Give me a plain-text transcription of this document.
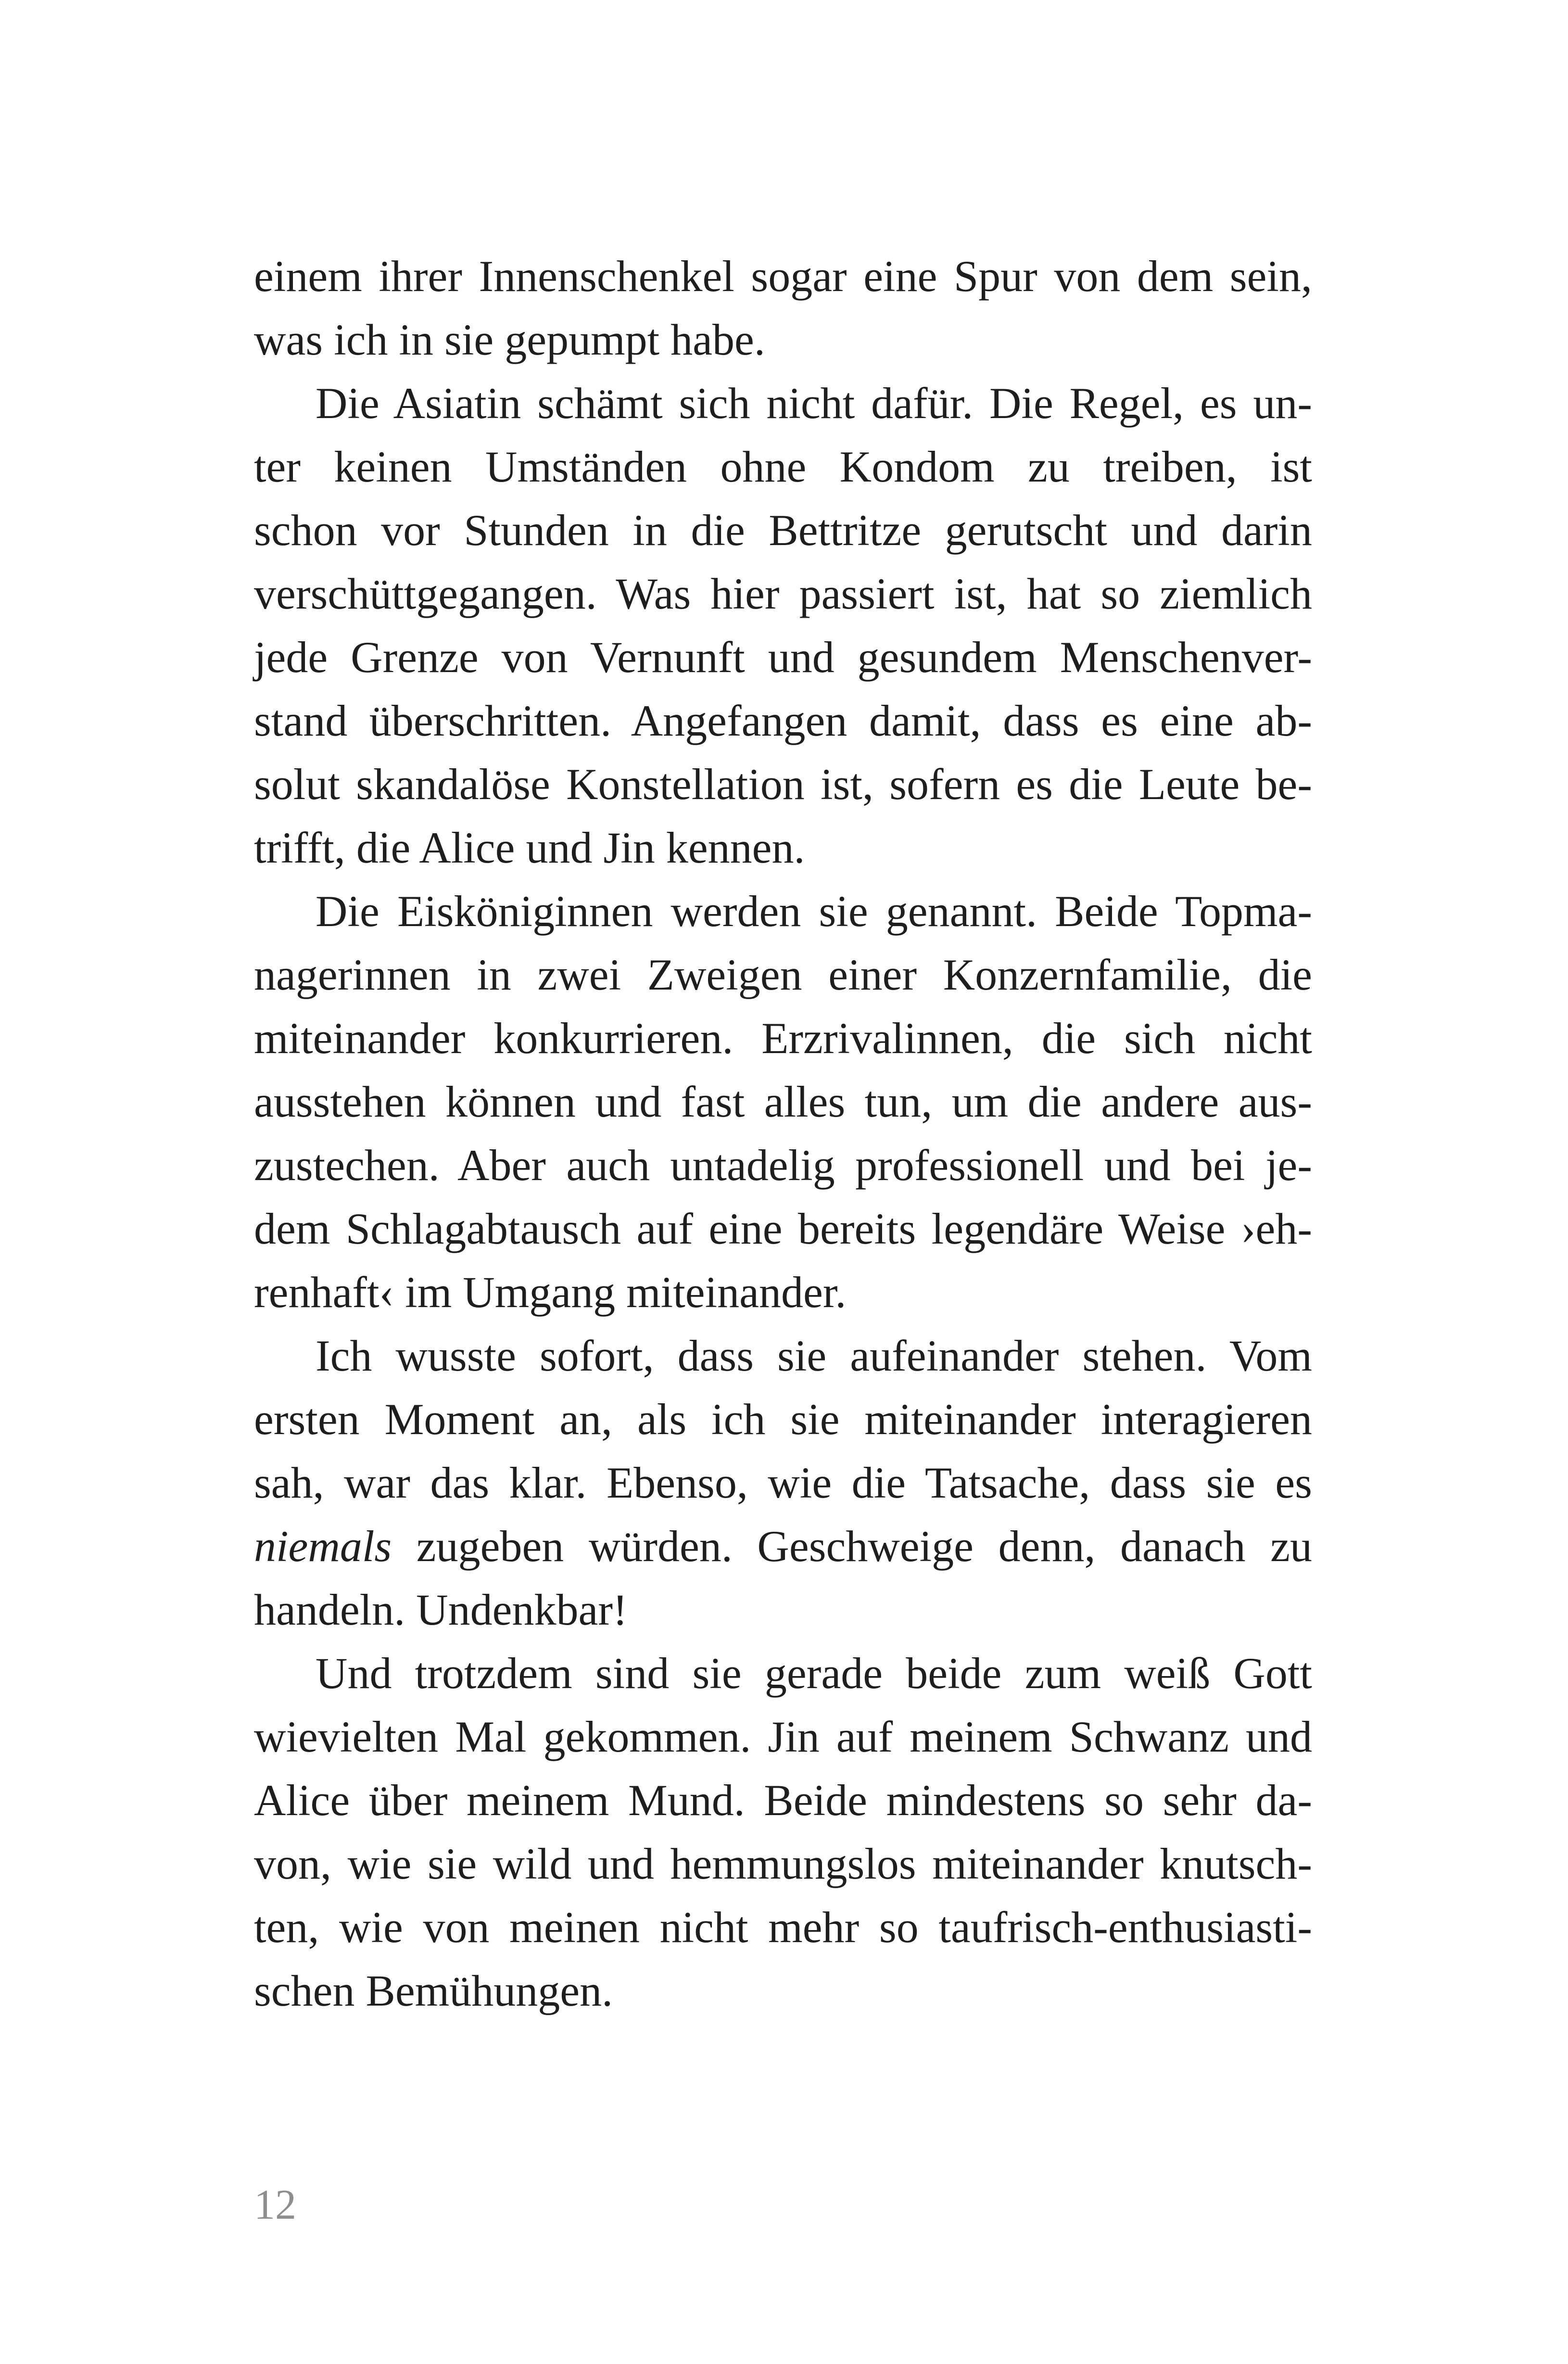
einem ihrer Innenschenkel sogar eine Spur von dem sein,
was ich in sie gepumpt habe.
Die Asiatin schämt sich nicht dafür. Die Regel, es un-
ter keinen Umständen ohne Kondom zu treiben, ist
schon vor Stunden in die Bettritze gerutscht und darin
verschüttgegangen. Was hier passiert ist, hat so ziemlich
jede Grenze von Vernunft und gesundem Menschenver-
stand überschritten. Angefangen damit, dass es eine ab-
solut skandalöse Konstellation ist, sofern es die Leute be-
trifft, die Alice und Jin kennen.
Die Eisköniginnen werden sie genannt. Beide Topma-
nagerinnen in zwei Zweigen einer Konzernfamilie, die
miteinander konkurrieren. Erzrivalinnen, die sich nicht
ausstehen können und fast alles tun, um die andere aus-
zustechen. Aber auch untadelig professionell und bei je-
dem Schlagabtausch auf eine bereits legendäre Weise ›eh-
renhaft‹ im Umgang miteinander.
Ich wusste sofort, dass sie aufeinander stehen. Vom
ersten Moment an, als ich sie miteinander interagieren
sah, war das klar. Ebenso, wie die Tatsache, dass sie es
niemals zugeben würden. Geschweige denn, danach zu
handeln. Undenkbar!
Und trotzdem sind sie gerade beide zum weiß Gott
wievielten Mal gekommen. Jin auf meinem Schwanz und
Alice über meinem Mund. Beide mindestens so sehr da-
von, wie sie wild und hemmungslos miteinander knutsch-
ten, wie von meinen nicht mehr so taufrisch-enthusiasti-
schen Bemühungen.
12
